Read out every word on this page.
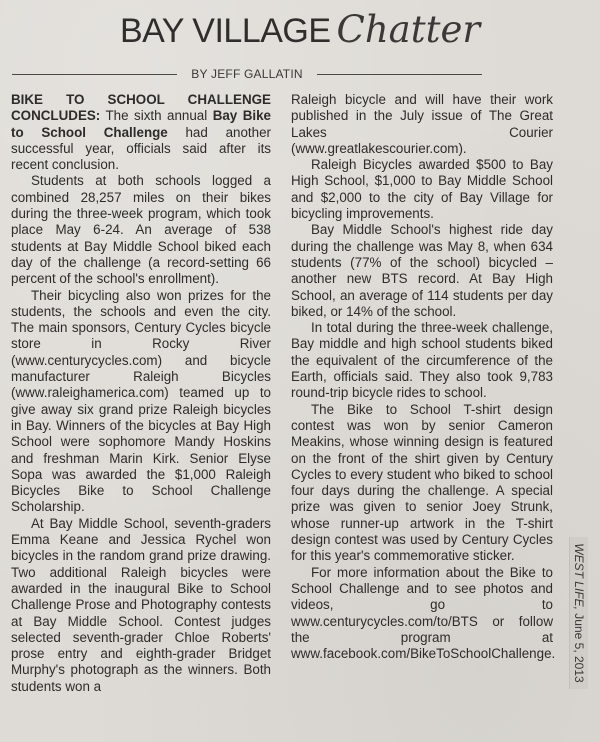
BAY VILLAGE Chatter
BY JEFF GALLATIN

BIKE TO SCHOOL CHALLENGE CONCLUDES: The sixth annual Bay Bike to School Challenge had another successful year, officials said after its recent conclusion.

Students at both schools logged a combined 28,257 miles on their bikes during the three-week program, which took place May 6-24. An average of 538 students at Bay Middle School biked each day of the challenge (a record-setting 66 percent of the school's enrollment).

Their bicycling also won prizes for the students, the schools and even the city. The main sponsors, Century Cycles bicycle store in Rocky River (www.centurycycles.com) and bicycle manufacturer Raleigh Bicycles (www.raleighamerica.com) teamed up to give away six grand prize Raleigh bicycles in Bay. Winners of the bicycles at Bay High School were sophomore Mandy Hoskins and freshman Marin Kirk. Senior Elyse Sopa was awarded the $1,000 Raleigh Bicycles Bike to School Challenge Scholarship.

At Bay Middle School, seventh-graders Emma Keane and Jessica Rychel won bicycles in the random grand prize drawing. Two additional Raleigh bicycles were awarded in the inaugural Bike to School Challenge Prose and Photography contests at Bay Middle School. Contest judges selected seventh-grader Chloe Roberts' prose entry and eighth-grader Bridget Murphy's photograph as the winners. Both students won a

Raleigh bicycle and will have their work published in the July issue of The Great Lakes Courier (www.greatlakescourier.com).

Raleigh Bicycles awarded $500 to Bay High School, $1,000 to Bay Middle School and $2,000 to the city of Bay Village for bicycling improvements.

Bay Middle School's highest ride day during the challenge was May 8, when 634 students (77% of the school) bicycled – another new BTS record. At Bay High School, an average of 114 students per day biked, or 14% of the school.

In total during the three-week challenge, Bay middle and high school students biked the equivalent of the circumference of the Earth, officials said. They also took 9,783 round-trip bicycle rides to school.

The Bike to School T-shirt design contest was won by senior Cameron Meakins, whose winning design is featured on the front of the shirt given by Century Cycles to every student who biked to school four days during the challenge. A special prize was given to senior Joey Strunk, whose runner-up artwork in the T-shirt design contest was used by Century Cycles for this year's commemorative sticker.

For more information about the Bike to School Challenge and to see photos and videos, go to www.centurycycles.com/to/BTS or follow the program at www.facebook.com/BikeToSchoolChallenge.

WEST LIFE, June 5, 2013
